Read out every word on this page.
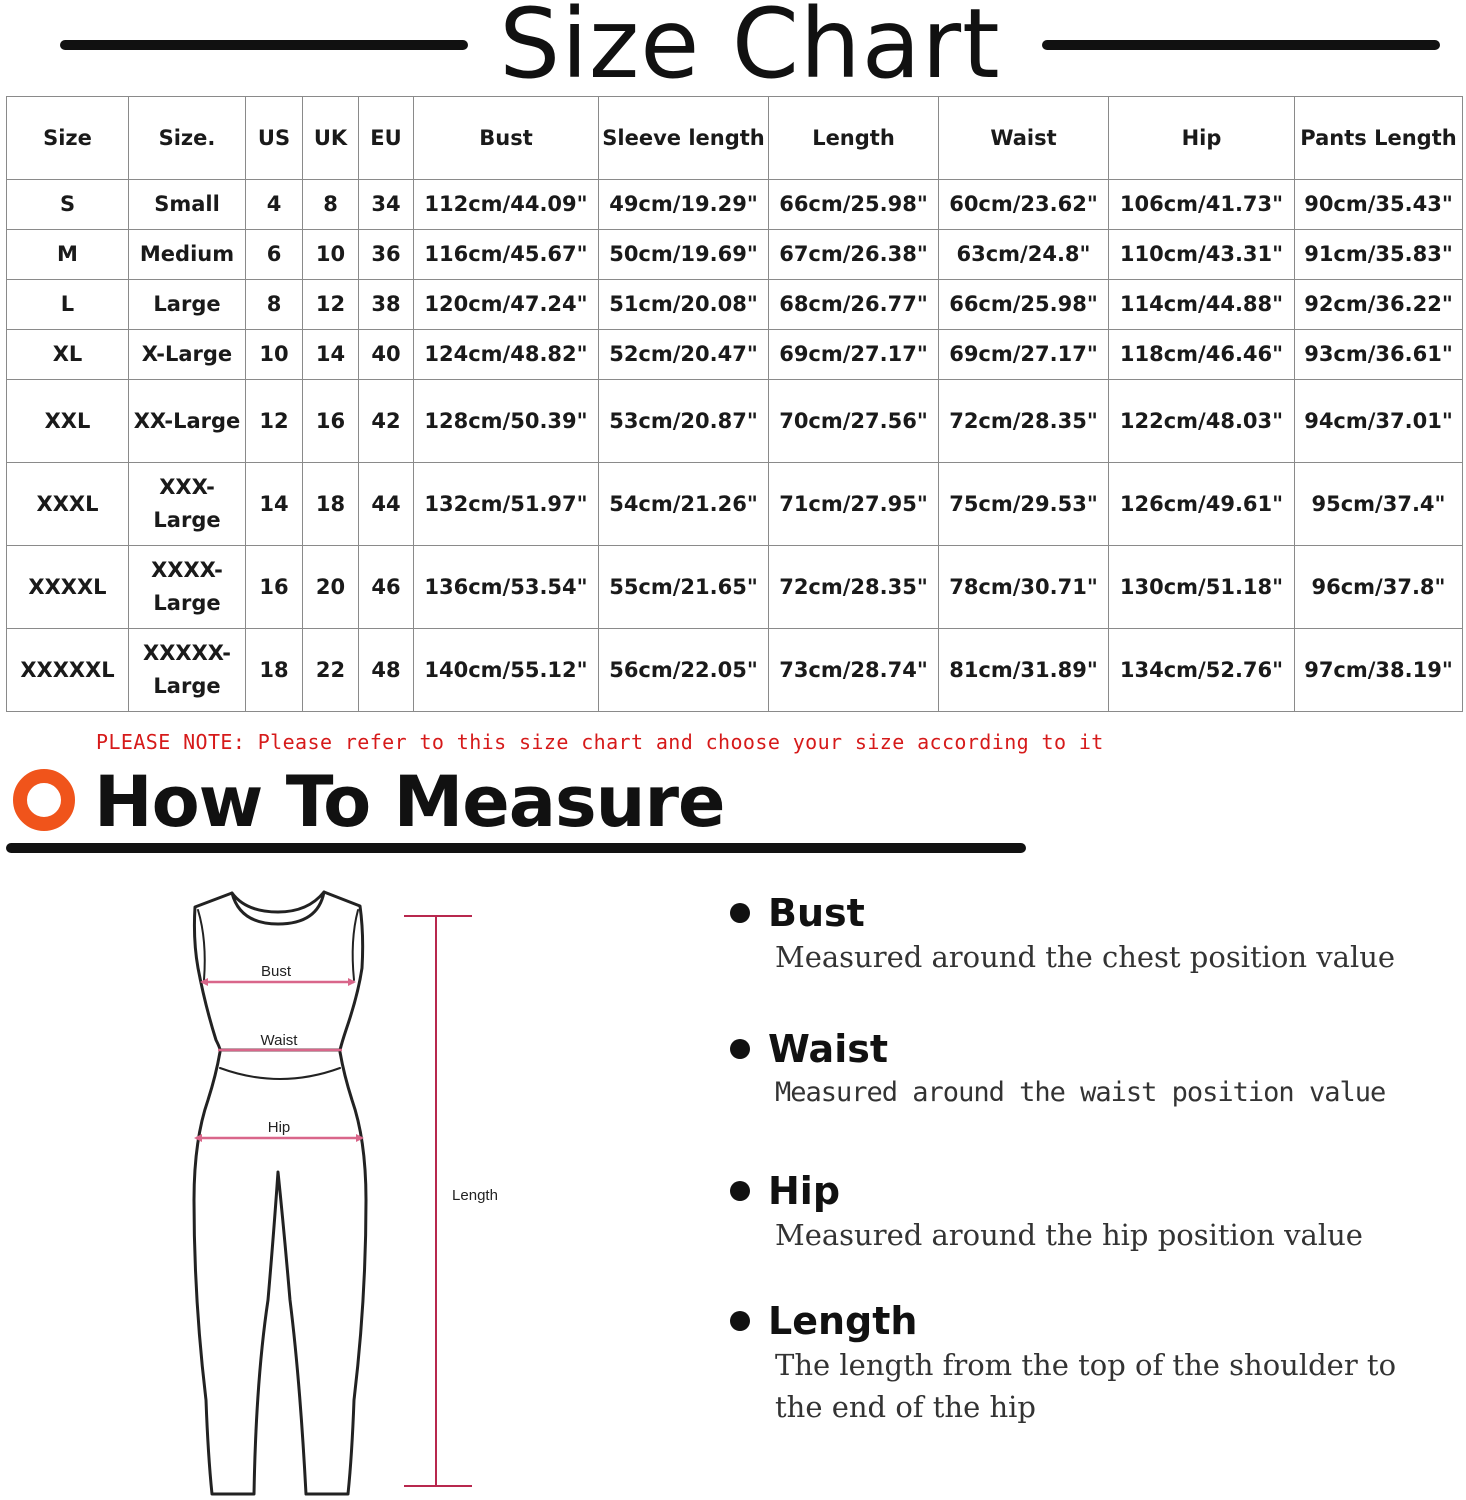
Size Chart
Size	Size.	US	UK	EU	Bust	Sleeve length	Length	Waist	Hip	Pants Length
S	Small	4	8	34	112cm/44.09"	49cm/19.29"	66cm/25.98"	60cm/23.62"	106cm/41.73"	90cm/35.43"
M	Medium	6	10	36	116cm/45.67"	50cm/19.69"	67cm/26.38"	63cm/24.8"	110cm/43.31"	91cm/35.83"
L	Large	8	12	38	120cm/47.24"	51cm/20.08"	68cm/26.77"	66cm/25.98"	114cm/44.88"	92cm/36.22"
XL	X-Large	10	14	40	124cm/48.82"	52cm/20.47"	69cm/27.17"	69cm/27.17"	118cm/46.46"	93cm/36.61"
XXL	XX-Large	12	16	42	128cm/50.39"	53cm/20.87"	70cm/27.56"	72cm/28.35"	122cm/48.03"	94cm/37.01"
XXXL	XXX-Large	14	18	44	132cm/51.97"	54cm/21.26"	71cm/27.95"	75cm/29.53"	126cm/49.61"	95cm/37.4"
XXXXL	XXXX-Large	16	20	46	136cm/53.54"	55cm/21.65"	72cm/28.35"	78cm/30.71"	130cm/51.18"	96cm/37.8"
XXXXXL	XXXXX-Large	18	22	48	140cm/55.12"	56cm/22.05"	73cm/28.74"	81cm/31.89"	134cm/52.76"	97cm/38.19"
PLEASE NOTE: Please refer to this size chart and choose your size according to it
How To Measure
Bust
Waist
Hip
Length
Bust
Measured around the chest position value
Waist
Measured around the waist position value
Hip
Measured around the hip position value
Length
The length from the top of the shoulder to
the end of the hip
